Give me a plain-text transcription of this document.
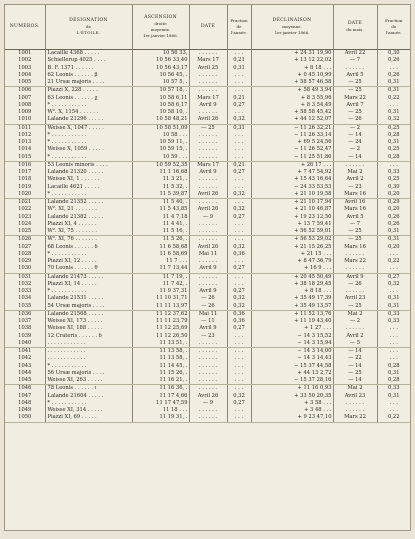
NUMÉROS.	DÉSIGNATION
de
L'ÉTOILE.	ASCENSION
droite
moyenne.
1er janvier 1866.	DATE	Fraction
de
l'année.	DÉCLINAISON
moyenne.
1er janvier 1866.	DATE
du mois.	Fraction
de
l'année.

1001	Lacaille 4368 . . . . .	10 56 33,	. . . . . .	. . .	+ 24 31 19,90	Avril 22	0,30
1002	Schiellerup 4025 . . . .	10 56 33,40	Mars 17	0,21	+ 13 12 22,02	— 7	0,26
1003	B. F. 1371 . . . . . .	10 56 43,17	Avril 25	0,31	+ 8 18 . . .	. . . . . .	. . .
1004	62 Leonis . . . . . . β	10 56 45, .	. . . . . .	. . .	+ 0 45 10,99	Avril 5	0,26
1005	21 Ursæ majoris . . . .	10 57 5, .	. . . . . .	. . .	+ 58 57 46,58	— 25	0,31
1006	Piazzi X, 228 . . . . .	10 57 18, .	. . . . . .	. . .	+ 58 49 3,94	— 25	0,31
1007	63 Leonis . . . . . . χ	10 58 6,11	Mars 17	0,21	+ 8 3 55,96	Mars 22	0,22
1008	* . . . . . . . . . . .	10 58 6,17	Avril 9	0,27	+ 8 3 54,49	Avril 7	. . .
1009	W². X, 1154 . . . . . .	10 58 10, .	. . . . . .	. . .	+ 58 58 45,42	— 25	0,31
1010	Lalande 21296 . . . . .	10 58 48,21	Avril 26	0,32	+ 44 12 52,07	— 26	0,32
1011	Weisse X, 1047 . . . . .	10 58 51,09	— 25	0,31	− 11 26 32,21	— 2	0,25
1012	* . . . . . . . . . . .	10 58 . . .	. . . . . .	. . .	− 11 26 33,14	— 14	0,28
1013	* . . . . . . . . . . .	10 59 11, .	. . . . . .	. . .	+ 69 5 24,56	— 24	0,31
1014	Weisse X, 1059 . . . . .	10 59 15, .	. . . . . .	. . .	− 11 26 52,47	— 2	0,25
1015	* . . . . . . . . . . .	10 59 . . .	. . . . . .	. . .	− 11 25 51,86	— 14	0,28
1016	53 Leonis minoris . . . .	10 59 52,35	Mars 17	0,21	+ 26 17 . . .	. . . . . .	. . .
1017	Lalande 21320 . . . . .	11 1 16,68	Avril 9	0,27	+ 7 47 54,92	Mai 2	0,33
1018	Weisse XI, 1 . . . . . .	11 3 21, .	. . . . . .	. . .	+ 15 43 16,64	Avril 2	0,25
1019	Lacaille 4621 . . . . .	11 5 32, .	. . . . . .	. . .	− 24 33 53,53	— 23	0,30
1020	* . . . . . . . . . . .	11 5 39,87	Avril 26	0,32	+ 21 10 19,58	Mars 16	0,20
1021	Lalande 21352 . . . . .	11 5 40, .	. . . . . .	. . .	+ 21 10 17,94	Avril 16	0,29
1022	W². XI, 21 . . . . . . .	11 5 43,85	Avril 26	0,32	+ 21 10 46,87	Mars 16	0,20
1023	Lalande 21382 . . . . .	11 4 7,18	— 9	0,27	+ 19 23 12,50	Avril 5	0,26
1024	Piazzi XI, 4 . . . . . .	11 4 41, .	. . . . . .	. . .	+ 13 7 59,41	— 7	0,26
1025	W². XI, 75 . . . . . . .	11 5 16, .	. . . . . .	. . .	+ 56 52 59,01	— 25	0,31
1026	W². XI, 76 . . . . . . .	11 5 26, .	. . . . . .	. . .	+ 56 53 29,02	— 25	0,31
1027	68 Leonis . . . . . . δ	11 6 58,68	Avril 26	0,32	+ 21 15 26,25	Mars 16	0,20
1028	* . . . . . . . . . . .	11 6 58,69	Mai 11	0,36	+ 21 15 . . .	. . . . . .	. . .
1029	Piazzi XI, 12 . . . . .	11 7 . . .	. . . . . .	. . .	+ 8 47 36,79	Mars 22	0,22
1030	70 Leonis . . . . . . θ	11 7 13,44	Avril 9	0,27	+ 16 9 . . .	. . . . . .	. . .
1031	Lalande 21473 . . . . .	11 7 19, .	. . . . . .	. . .	+ 20 45 50,49	Avril 9	0,27
1032	Piazzi XI, 14 . . . . .	11 7 42, .	. . . . . .	. . .	+ 38 18 29,45	— 26	0,32
1033	* . . . . . . . . . . .	11 9 37,31	Avril 9	0,27	+ 8 18 . . .	. . . . . .	. . .
1034	Lalande 21531 . . . . .	11 10 31,71	— 26	0,32	+ 35 49 17,39	Avril 23	0,31
1035	54 Ursæ majoris . . . .	11 11 13,97	— 26	0,32	+ 35 49 13,57	— 25	0,31
1036	Lalande 21568 . . . . .	11 12 37,62	Mai 11	0,36	+ 11 52 13,76	Mai 2	0,33
1037	Weisse XI, 173 . . . . .	11 11 23,79	— 11	0,36	+ 11 19 43,40	— 2	0,33
1038	Weisse XI, 188 . . . . .	11 12 25,69	Avril 9	0,27	+ 1 27 . . .	. . . . . .	. . .
1039	12 Crateris . . . . . . δ	11 12 26,50	— 23	. . .	− 14 3 15,52	Avril 2	. . .
1040	. . . . . . . . . . . .	11 13 51, .	. . . . . .	. . .	− 14 3 15,94	— 5	. . .
1041	. . . . . . . . . . . .	11 13 58, .	. . . . . .	. . .	− 14 3 14,00	— 14	. . .
1042	. . . . . . . . . . . .	11 13 58, .	. . . . . .	. . .	− 14 3 14,43	— 22	. . .
1043	* . . . . . . . . . . .	11 14 45, .	. . . . . .	. . .	− 15 37 44,58	— 14	0,28
1044	56 Ursæ majoris . . . .	11 15 26, .	. . . . . .	. . .	+ 44 13 2,72	— 25	0,31
1045	Weisse XI, 263 . . . . .	11 16 21, .	. . . . . .	. . .	− 15 37 28,16	— 14	0,28
1046	78 Leonis . . . . . . ι	11 16 36, .	. . . . . .	. . .	+ 11 16 0,93	Mai 2	0,33
1047	Lalande 21604 . . . . .	11 17 4,66	Avril 26	0,32	+ 33 50 20,35	Avril 23	0,31
1048	* . . . . . . . . . . .	11 17 47,59	— 9	0,27	+ 3 58 . . .	. . . . . .	. . .
1049	Weisse XI, 314 . . . . .	11 18 . . .	. . . . . .	. . .	+ 3 48 . . .	. . . . . .	. . .
1050	Piazzi XI, 69 . . . . .	11 19 31, .	. . . . . .	. . .	+ 9 23 47,10	Mars 22	0,22
